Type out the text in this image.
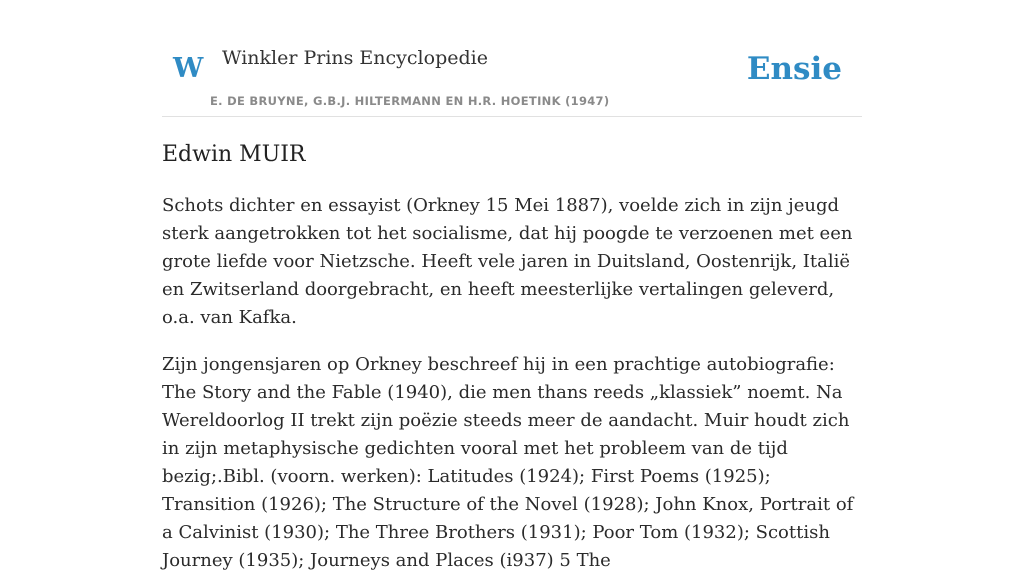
W Winkler Prins Encyclopedie
E. DE BRUYNE, G.B.J. HILTERMANN EN H.R. HOETINK (1947)
Ensie
Edwin MUIR

Schots dichter en essayist (Orkney 15 Mei 1887), voelde zich in zijn jeugd sterk aangetrokken tot het socialisme, dat hij poogde te verzoenen met een grote liefde voor Nietzsche. Heeft vele jaren in Duitsland, Oostenrijk, Italië en Zwitserland doorgebracht, en heeft meesterlijke vertalingen geleverd, o.a. van Kafka.

Zijn jongensjaren op Orkney beschreef hij in een prachtige autobiografie: The Story and the Fable (1940), die men thans reeds „klassiek” noemt. Na Wereldoorlog II trekt zijn poëzie steeds meer de aandacht. Muir houdt zich in zijn metaphysische gedichten vooral met het probleem van de tijd bezig;.Bibl. (voorn. werken): Latitudes (1924); First Poems (1925); Transition (1926); The Structure of the Novel (1928); John Knox, Portrait of a Calvinist (1930); The Three Brothers (1931); Poor Tom (1932); Scottish Journey (1935); Journeys and Places (i937) 5 The
